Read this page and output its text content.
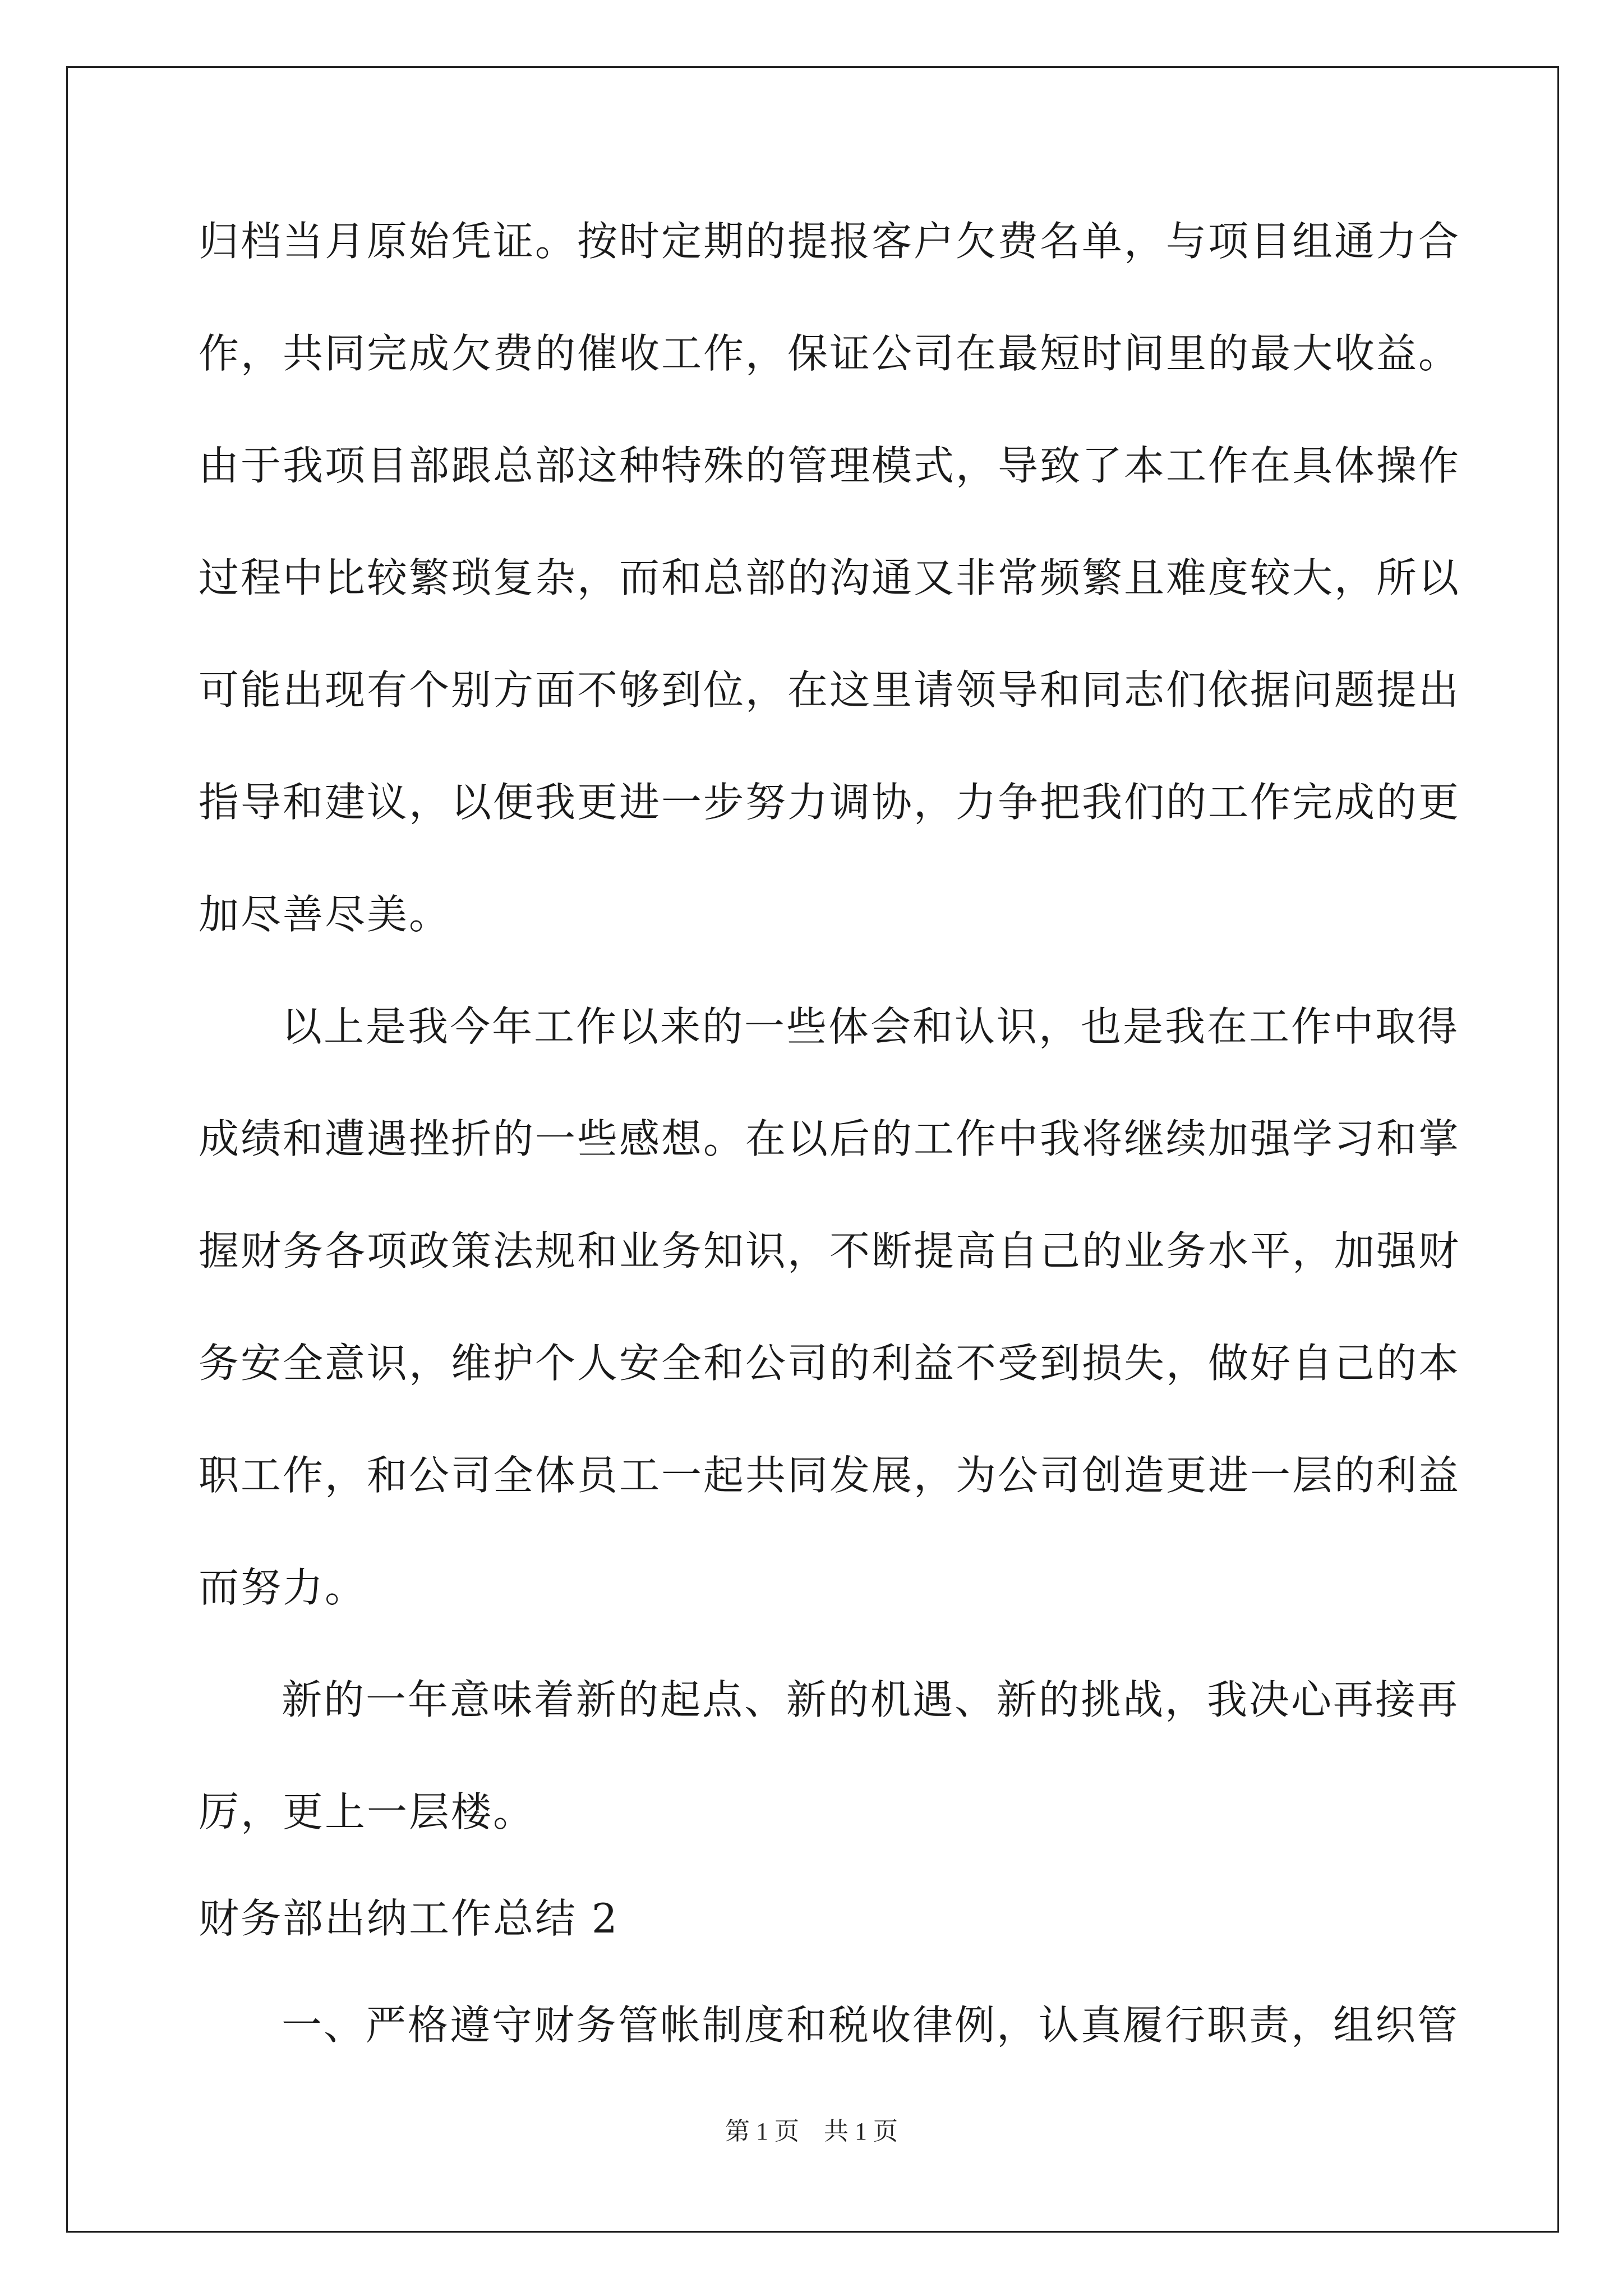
归档当月原始凭证。按时定期的提报客户欠费名单，与项目组通力合
作，共同完成欠费的催收工作，保证公司在最短时间里的最大收益。
由于我项目部跟总部这种特殊的管理模式，导致了本工作在具体操作
过程中比较繁琐复杂，而和总部的沟通又非常频繁且难度较大，所以
可能出现有个别方面不够到位，在这里请领导和同志们依据问题提出
指导和建议，以便我更进一步努力调协，力争把我们的工作完成的更
加尽善尽美。
以上是我今年工作以来的一些体会和认识，也是我在工作中取得
成绩和遭遇挫折的一些感想。在以后的工作中我将继续加强学习和掌
握财务各项政策法规和业务知识，不断提高自己的业务水平，加强财
务安全意识，维护个人安全和公司的利益不受到损失，做好自己的本
职工作，和公司全体员工一起共同发展，为公司创造更进一层的利益
而努力。
新的一年意味着新的起点、新的机遇、新的挑战，我决心再接再
厉，更上一层楼。
财务部出纳工作总结 2
一、严格遵守财务管帐制度和税收律例，认真履行职责，组织管
第 1 页　共 1 页
